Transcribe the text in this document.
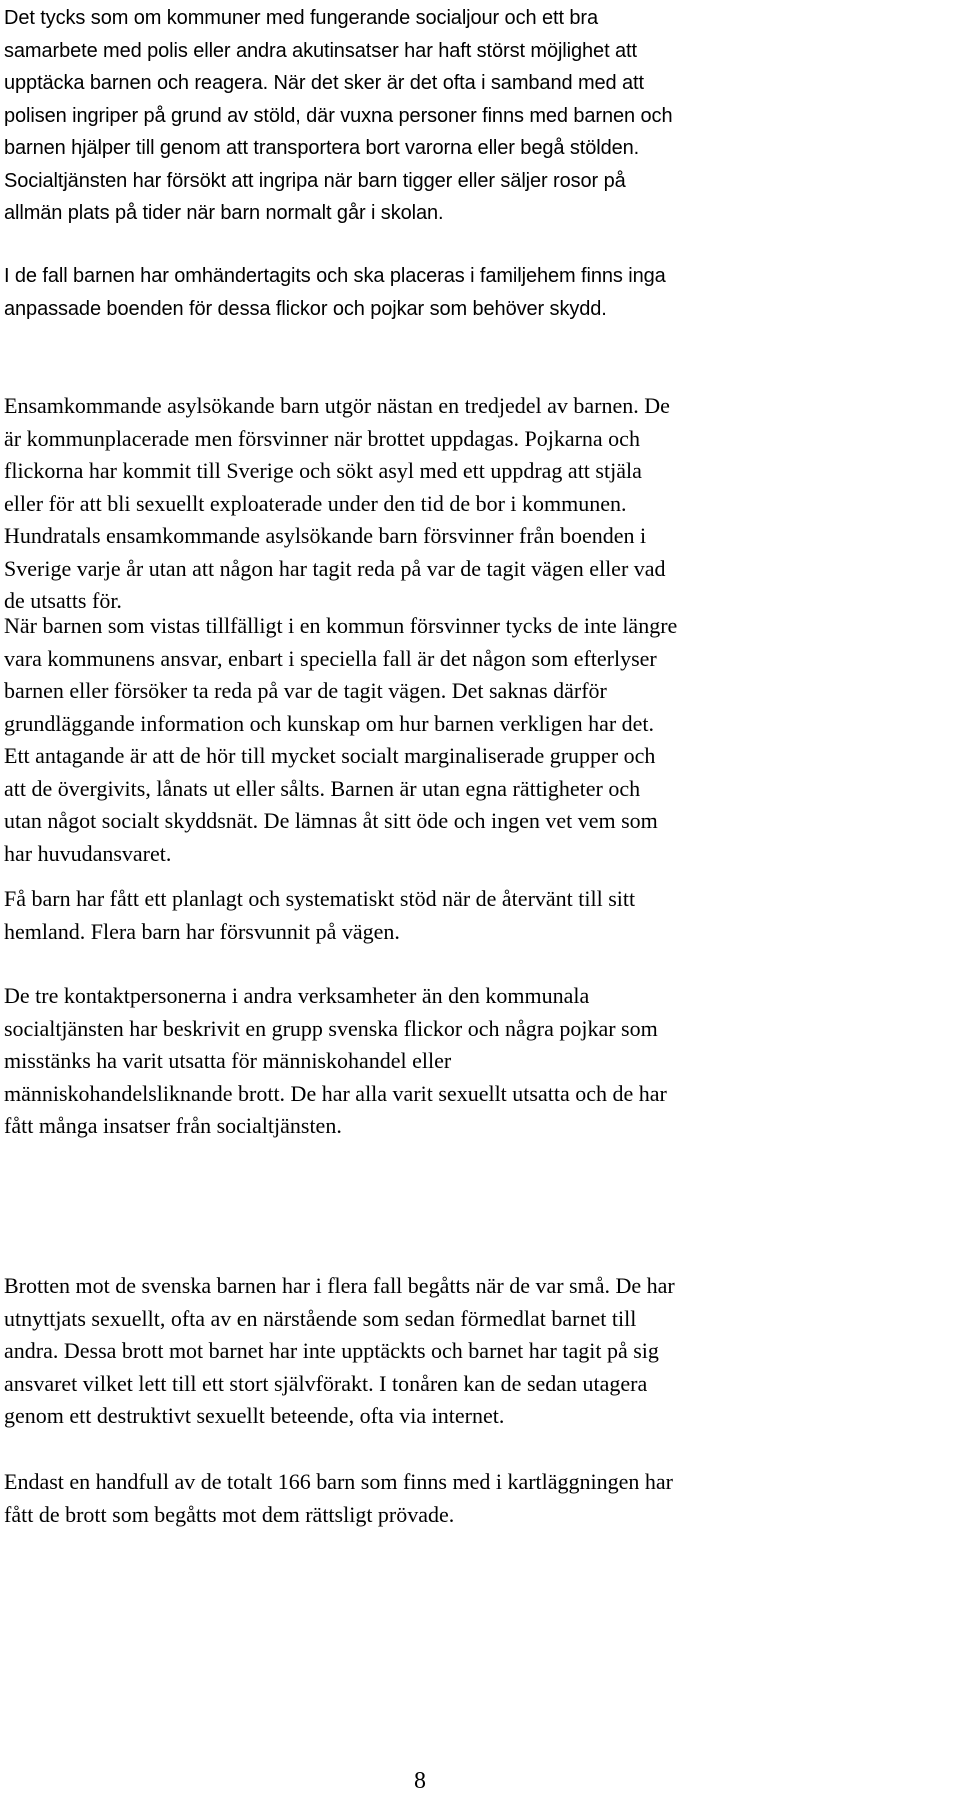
Det tycks som om kommuner med fungerande socialjour och ett bra
samarbete med polis eller andra akutinsatser har haft störst möjlighet att
upptäcka barnen och reagera. När det sker är det ofta i samband med att
polisen ingriper på grund av stöld, där vuxna personer finns med barnen och
barnen hjälper till genom att transportera bort varorna eller begå stölden.
Socialtjänsten har försökt att ingripa när barn tigger eller säljer rosor på
allmän plats på tider när barn normalt går i skolan.
I de fall barnen har omhändertagits och ska placeras i familjehem finns inga
anpassade boenden för dessa flickor och pojkar som behöver skydd.
Ensamkommande asylsökande barn utgör nästan en tredjedel av barnen. De
är kommunplacerade men försvinner när brottet uppdagas. Pojkarna och
flickorna har kommit till Sverige och sökt asyl med ett uppdrag att stjäla
eller för att bli sexuellt exploaterade under den tid de bor i kommunen.
Hundratals ensamkommande asylsökande barn försvinner från boenden i
Sverige varje år utan att någon har tagit reda på var de tagit vägen eller vad
de utsatts för.
När barnen som vistas tillfälligt i en kommun försvinner tycks de inte längre
vara kommunens ansvar, enbart i speciella fall är det någon som efterlyser
barnen eller försöker ta reda på var de tagit vägen. Det saknas därför
grundläggande information och kunskap om hur barnen verkligen har det.
Ett antagande är att de hör till mycket socialt marginaliserade grupper och
att de övergivits, lånats ut eller sålts. Barnen är utan egna rättigheter och
utan något socialt skyddsnät. De lämnas åt sitt öde och ingen vet vem som
har huvudansvaret.
Få barn har fått ett planlagt och systematiskt stöd när de återvänt till sitt
hemland. Flera barn har försvunnit på vägen.
De tre kontaktpersonerna i andra verksamheter än den kommunala
socialtjänsten har beskrivit en grupp svenska flickor och några pojkar som
misstänks ha varit utsatta för människohandel eller
människohandelsliknande brott. De har alla varit sexuellt utsatta och de har
fått många insatser från socialtjänsten.
Brotten mot de svenska barnen har i flera fall begåtts när de var små. De har
utnyttjats sexuellt, ofta av en närstående som sedan förmedlat barnet till
andra. Dessa brott mot barnet har inte upptäckts och barnet har tagit på sig
ansvaret vilket lett till ett stort självförakt. I tonåren kan de sedan utagera
genom ett destruktivt sexuellt beteende, ofta via internet.
Endast en handfull av de totalt 166 barn som finns med i kartläggningen har
fått de brott som begåtts mot dem rättsligt prövade.
8
